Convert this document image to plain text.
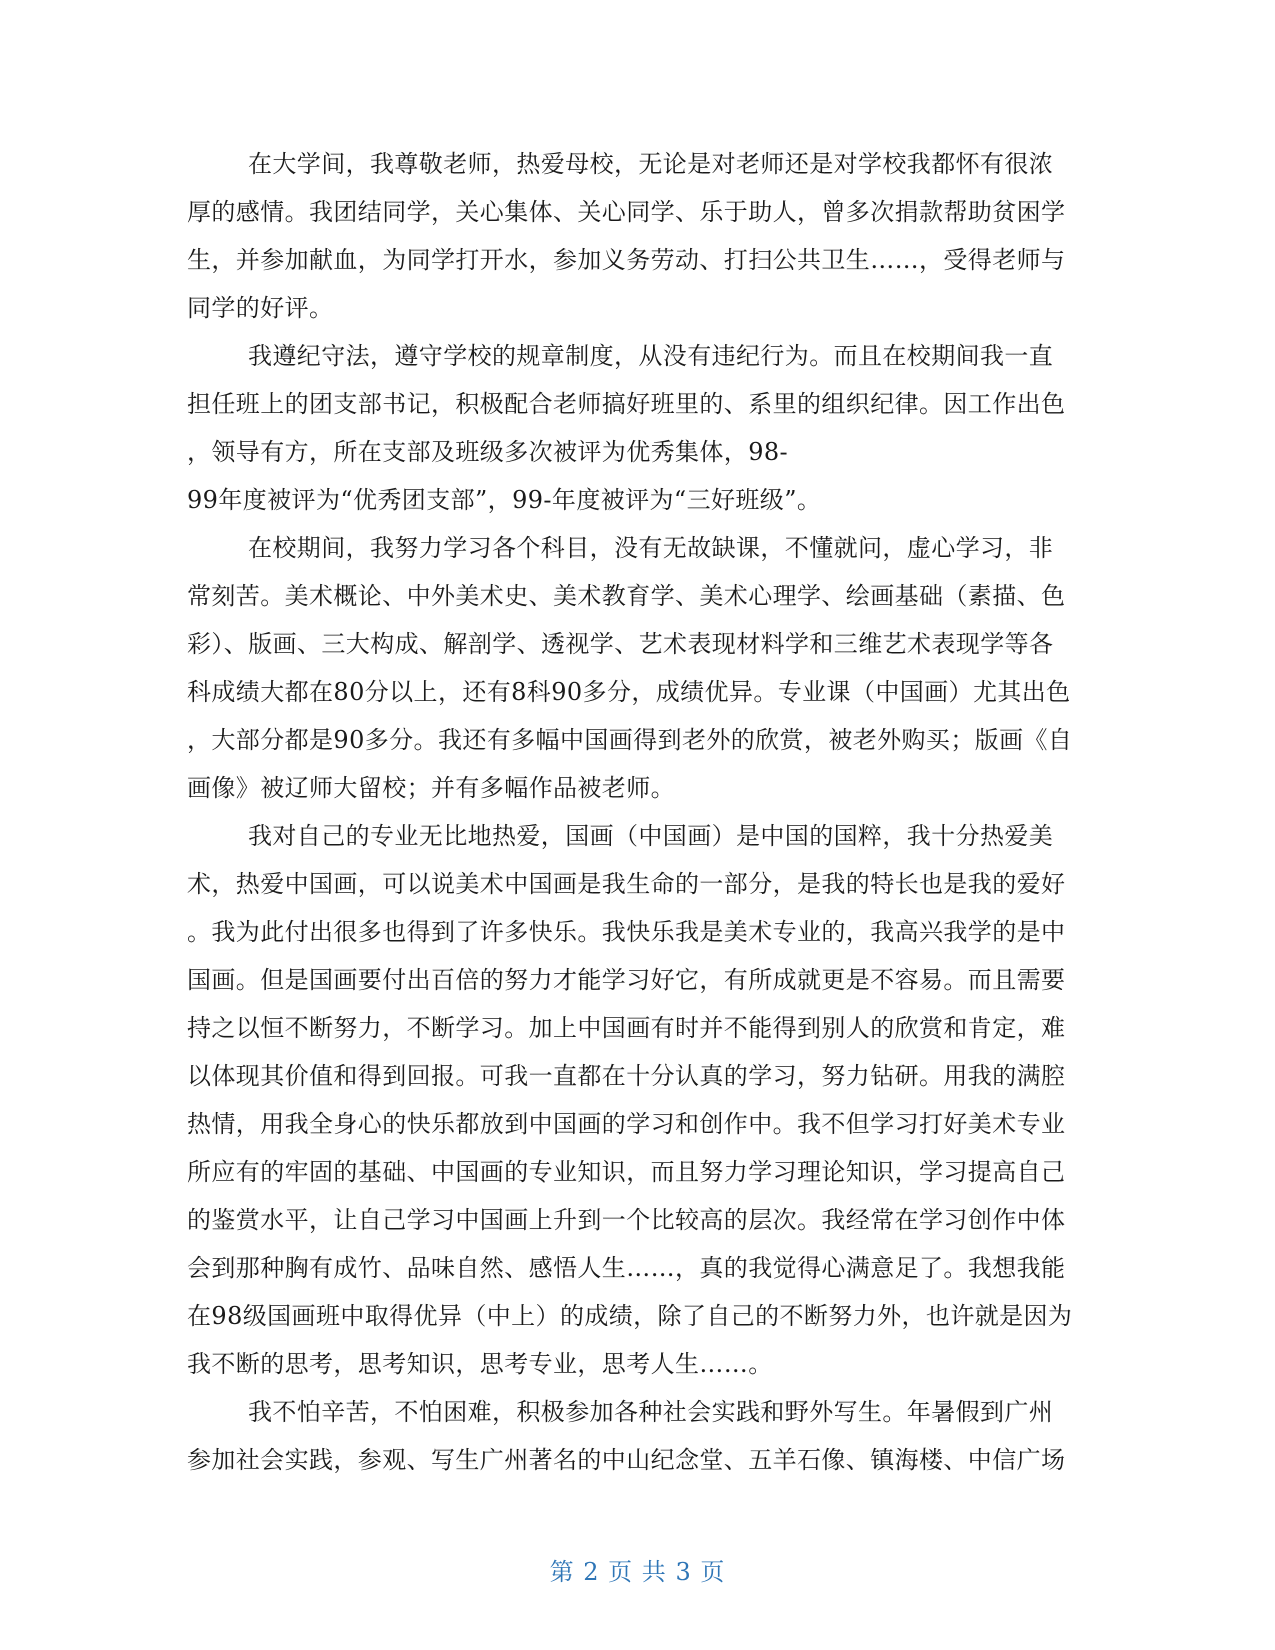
在大学间，我尊敬老师，热爱母校，无论是对老师还是对学校我都怀有很浓
厚的感情。我团结同学，关心集体、关心同学、乐于助人，曾多次捐款帮助贫困学
生，并参加献血，为同学打开水，参加义务劳动、打扫公共卫生……，受得老师与
同学的好评。
我遵纪守法，遵守学校的规章制度，从没有违纪行为。而且在校期间我一直
担任班上的团支部书记，积极配合老师搞好班里的、系里的组织纪律。因工作出色
，领导有方，所在支部及班级多次被评为优秀集体，98-
99年度被评为“优秀团支部”，99-年度被评为“三好班级”。
在校期间，我努力学习各个科目，没有无故缺课，不懂就问，虚心学习，非
常刻苦。美术概论、中外美术史、美术教育学、美术心理学、绘画基础（素描、色
彩）、版画、三大构成、解剖学、透视学、艺术表现材料学和三维艺术表现学等各
科成绩大都在80分以上，还有8科90多分，成绩优异。专业课（中国画）尤其出色
，大部分都是90多分。我还有多幅中国画得到老外的欣赏，被老外购买；版画《自
画像》被辽师大留校；并有多幅作品被老师。
我对自己的专业无比地热爱，国画（中国画）是中国的国粹，我十分热爱美
术，热爱中国画，可以说美术中国画是我生命的一部分，是我的特长也是我的爱好
。我为此付出很多也得到了许多快乐。我快乐我是美术专业的，我高兴我学的是中
国画。但是国画要付出百倍的努力才能学习好它，有所成就更是不容易。而且需要
持之以恒不断努力，不断学习。加上中国画有时并不能得到别人的欣赏和肯定，难
以体现其价值和得到回报。可我一直都在十分认真的学习，努力钻研。用我的满腔
热情，用我全身心的快乐都放到中国画的学习和创作中。我不但学习打好美术专业
所应有的牢固的基础、中国画的专业知识，而且努力学习理论知识，学习提高自己
的鉴赏水平，让自己学习中国画上升到一个比较高的层次。我经常在学习创作中体
会到那种胸有成竹、品味自然、感悟人生……，真的我觉得心满意足了。我想我能
在98级国画班中取得优异（中上）的成绩，除了自己的不断努力外，也许就是因为
我不断的思考，思考知识，思考专业，思考人生……。
我不怕辛苦，不怕困难，积极参加各种社会实践和野外写生。年暑假到广州
参加社会实践，参观、写生广州著名的中山纪念堂、五羊石像、镇海楼、中信广场
第 2 页 共 3 页
